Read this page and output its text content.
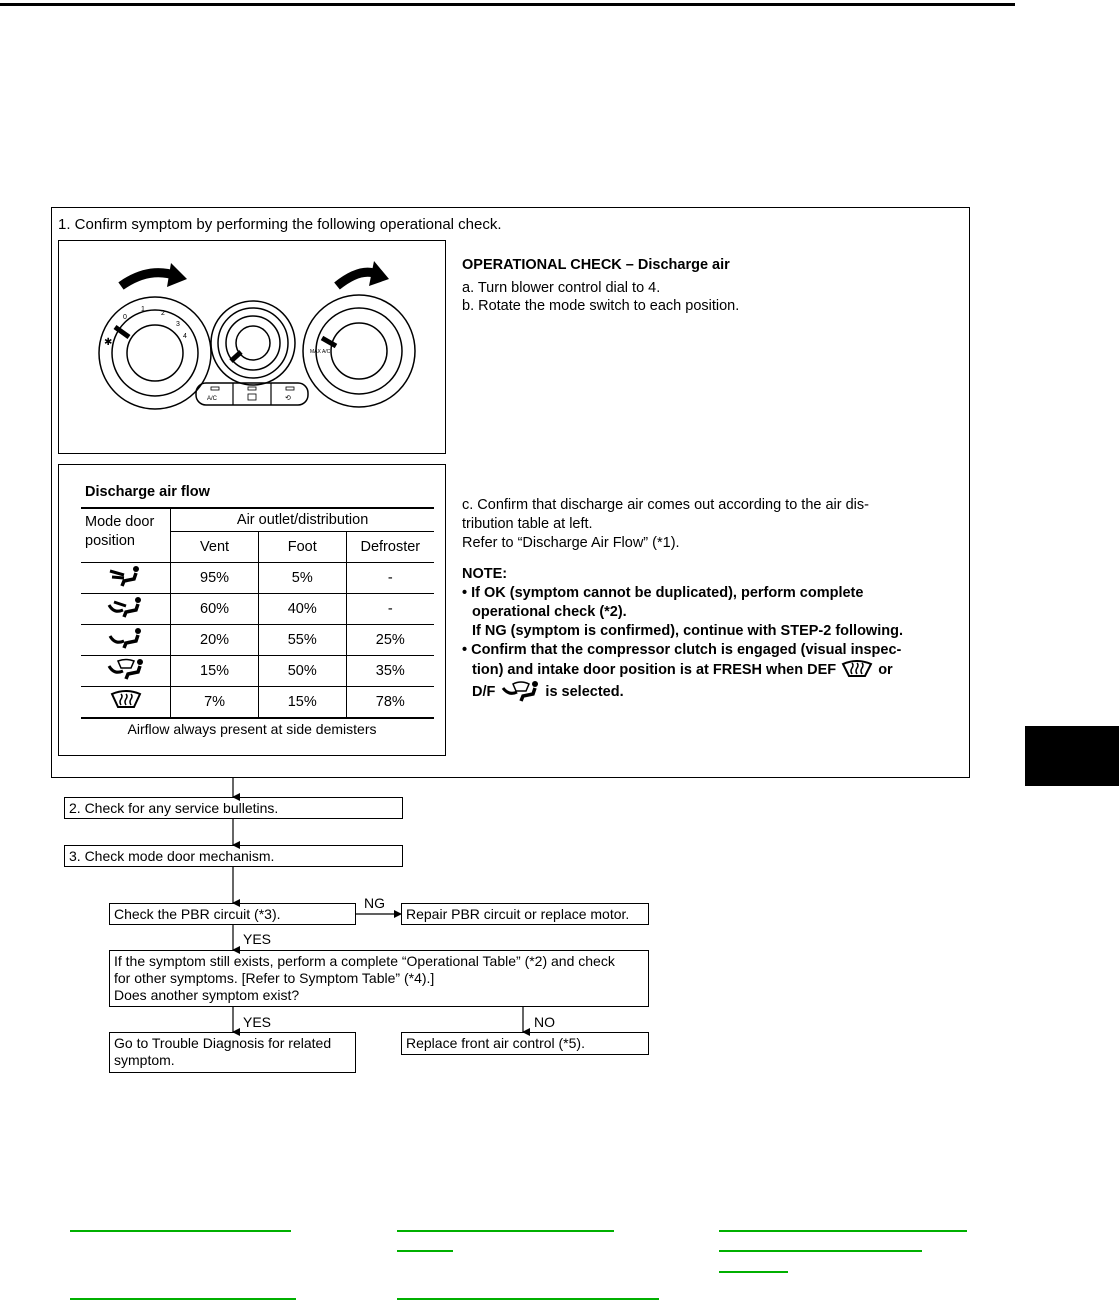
1. Confirm symptom by performing the following operational check.
0
1
2
3
4
✱
MAX A/C
A/C	⟲
OPERATIONAL CHECK – Discharge air
a. Turn blower control dial to 4.
b. Rotate the mode switch to each position.
c. Confirm that discharge air comes out according to the air dis-
tribution table at left.
Refer to “Discharge Air Flow” (*1).
NOTE:
• If OK (symptom cannot be duplicated), perform complete
operational check (*2).
If NG (symptom is confirmed), continue with STEP-2 following.
• Confirm that the compressor clutch is engaged (visual inspec-
tion) and intake door position is at FRESH when DEF	or
D/F	is selected.
Discharge air flow
Mode door
position	Air outlet/distribution		
	Vent	Foot	Defroster
	95%	5%	-
	60%	40%	-
	20%	55%	25%
	15%	50%	35%
	7%	15%	78%
Airflow always present at side demisters
2. Check for any service bulletins.
3. Check mode door mechanism.
Check the PBR circuit (*3).
NG
Repair PBR circuit or replace motor.
YES
If the symptom still exists, perform a complete “Operational Table” (*2) and check
for other symptoms. [Refer to Symptom Table” (*4).]
Does another symptom exist?
YES	NO
Go to Trouble Diagnosis for related
symptom.
Replace front air control (*5).
